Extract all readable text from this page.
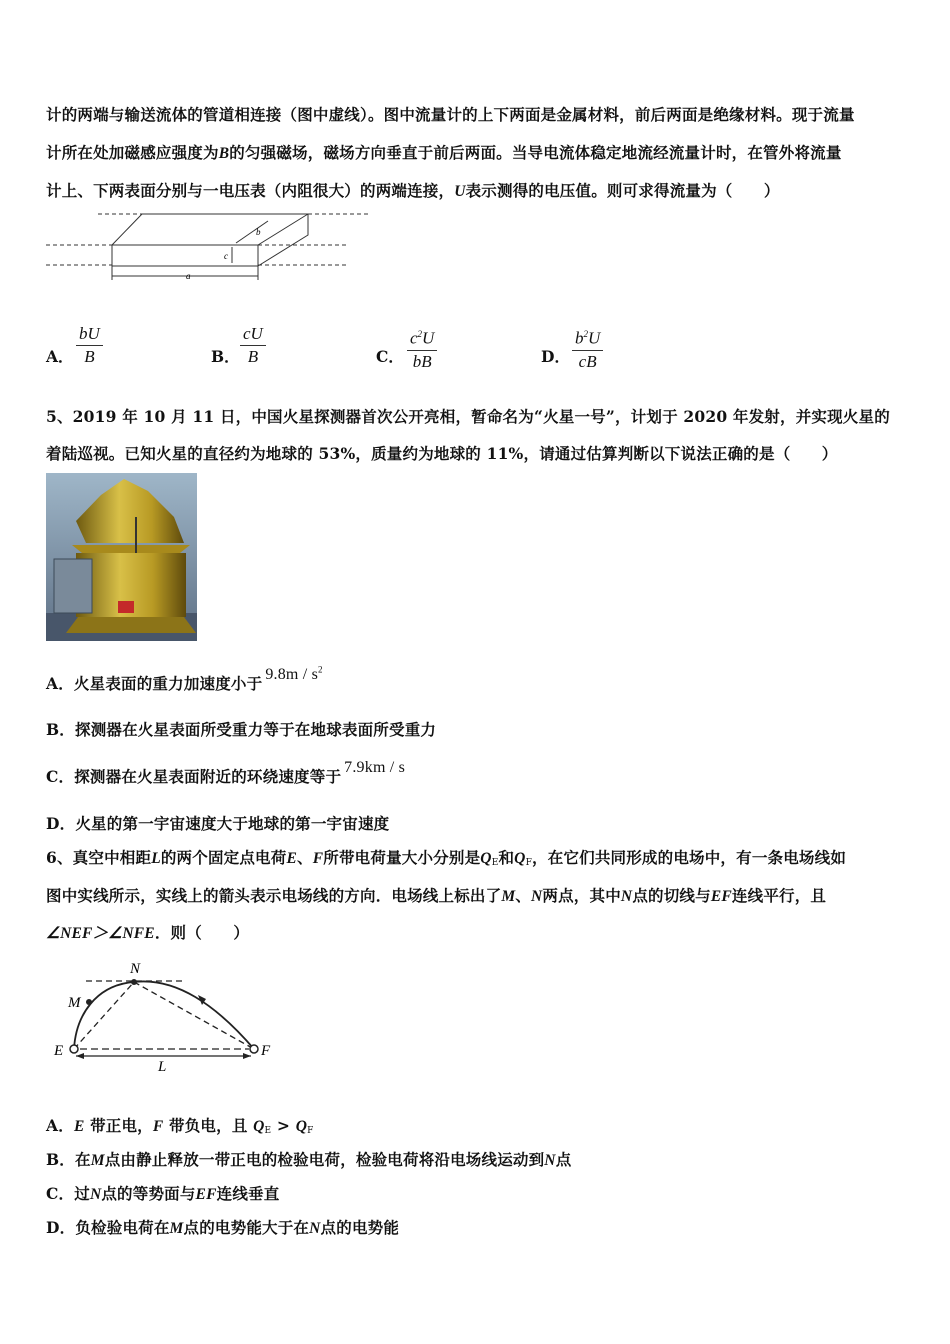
计的两端与输送流体的管道相连接（图中虚线）。图中流量计的上下两面是金属材料，前后两面是绝缘材料。现于流量
计所在处加磁感应强度为B的匀强磁场，磁场方向垂直于前后两面。当导电流体稳定地流经流量计时，在管外将流量
计上、下两表面分别与一电压表（内阻很大）的两端连接，U表示测得的电压值。则可求得流量为（　　）
a
b
c
A． $\frac{bU}{B}$	B． $\frac{cU}{B}$	C． $\frac{c^2U}{bB}$	D． $\frac{b^2U}{cB}$
5、2019 年 10 月 11 日，中国火星探测器首次公开亮相，暂命名为“火星一号”，计划于 2020 年发射，并实现火星的
着陆巡视。已知火星的直径约为地球的 53%，质量约为地球的 11%，请通过估算判断以下说法正确的是（　　）
A．火星表面的重力加速度小于 $9.8m / s^2$
B．探测器在火星表面所受重力等于在地球表面所受重力
C．探测器在火星表面附近的环绕速度等于 7.9km / s
D．火星的第一宇宙速度大于地球的第一宇宙速度
6、真空中相距L的两个固定点电荷E、F所带电荷量大小分别是$Q_E$和$Q_F$，在它们共同形成的电场中，有一条电场线如
图中实线所示，实线上的箭头表示电场线的方向．电场线上标出了M、N两点，其中N点的切线与EF连线平行，且
∠NEF＞∠NFE．则（　　）
N
M
E	F
L
A．E 带正电，F 带负电，且 $Q_E > Q_F$
B．在M点由静止释放一带正电的检验电荷，检验电荷将沿电场线运动到N点
C．过N点的等势面与EF连线垂直
D．负检验电荷在M点的电势能大于在N点的电势能
